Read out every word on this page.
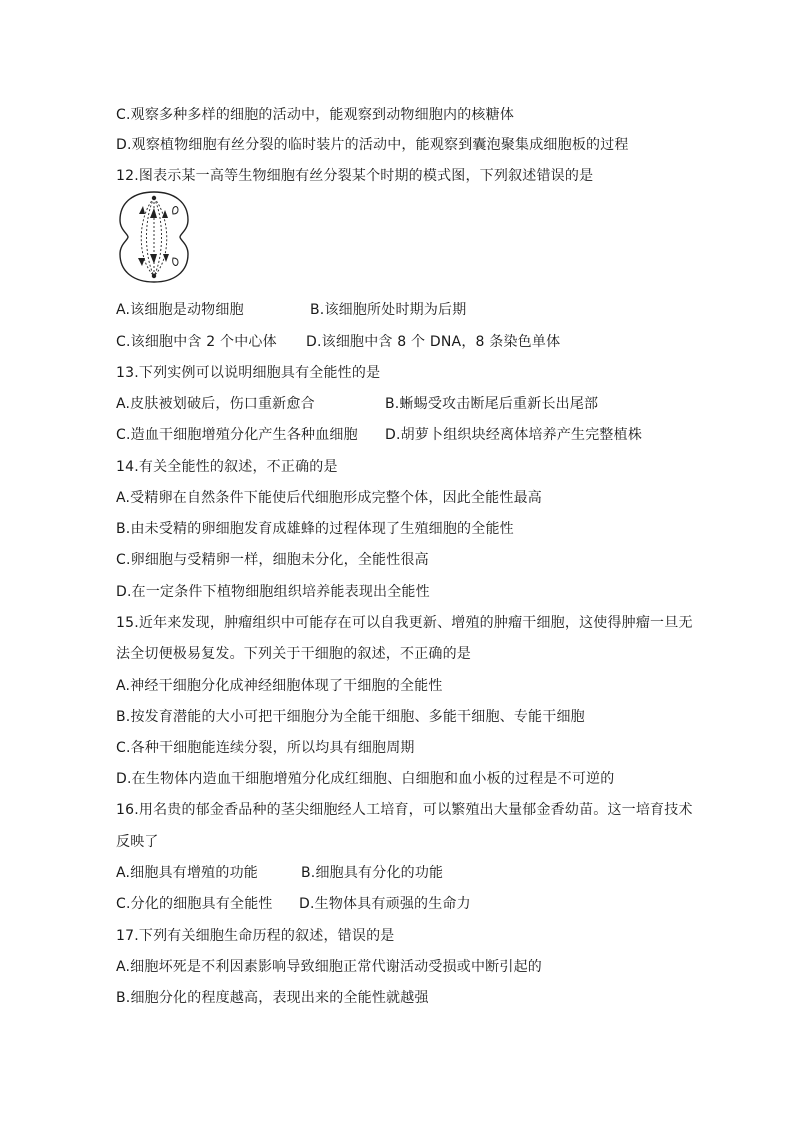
C.观察多种多样的细胞的活动中，能观察到动物细胞内的核糖体
D.观察植物细胞有丝分裂的临时装片的活动中，能观察到囊泡聚集成细胞板的过程
12.图表示某一高等生物细胞有丝分裂某个时期的模式图，下列叙述错误的是
A.该细胞是动物细胞	B.该细胞所处时期为后期
C.该细胞中含 2 个中心体 D.该细胞中含 8 个 DNA，8 条染色单体
13.下列实例可以说明细胞具有全能性的是
A.皮肤被划破后，伤口重新愈合	B.蜥蜴受攻击断尾后重新长出尾部
C.造血干细胞增殖分化产生各种血细胞 D.胡萝卜组织块经离体培养产生完整植株
14.有关全能性的叙述，不正确的是
A.受精卵在自然条件下能使后代细胞形成完整个体，因此全能性最高
B.由未受精的卵细胞发育成雄蜂的过程体现了生殖细胞的全能性
C.卵细胞与受精卵一样，细胞未分化，全能性很高
D.在一定条件下植物细胞组织培养能表现出全能性
15.近年来发现，肿瘤组织中可能存在可以自我更新、增殖的肿瘤干细胞，这使得肿瘤一旦无
法全切便极易复发。下列关于干细胞的叙述，不正确的是
A.神经干细胞分化成神经细胞体现了干细胞的全能性
B.按发育潜能的大小可把干细胞分为全能干细胞、多能干细胞、专能干细胞
C.各种干细胞能连续分裂，所以均具有细胞周期
D.在生物体内造血干细胞增殖分化成红细胞、白细胞和血小板的过程是不可逆的
16.用名贵的郁金香品种的茎尖细胞经人工培育，可以繁殖出大量郁金香幼苗。这一培育技术
反映了
A.细胞具有增殖的功能	B.细胞具有分化的功能
C.分化的细胞具有全能性 D.生物体具有顽强的生命力
17.下列有关细胞生命历程的叙述，错误的是
A.细胞坏死是不利因素影响导致细胞正常代谢活动受损或中断引起的
B.细胞分化的程度越高，表现出来的全能性就越强
